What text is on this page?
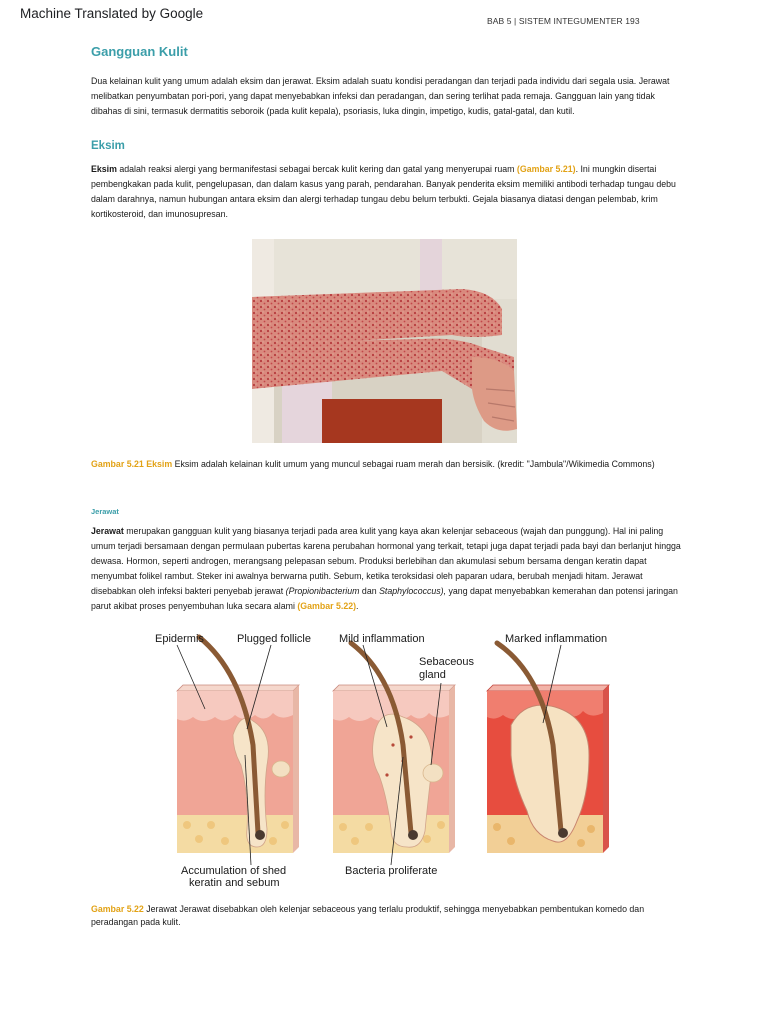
Machine Translated by Google	BAB 5 | SISTEM INTEGUMENTER 193
Gangguan Kulit

Dua kelainan kulit yang umum adalah eksim dan jerawat. Eksim adalah suatu kondisi peradangan dan terjadi pada individu dari segala usia. Jerawat melibatkan penyumbatan pori-pori, yang dapat menyebabkan infeksi dan peradangan, dan sering terlihat pada remaja. Gangguan lain yang tidak dibahas di sini, termasuk dermatitis seboroik (pada kulit kepala), psoriasis, luka dingin, impetigo, kudis, gatal-gatal, dan kutil.

Eksim

Eksim adalah reaksi alergi yang bermanifestasi sebagai bercak kulit kering dan gatal yang menyerupai ruam (Gambar 5.21). Ini mungkin disertai pembengkakan pada kulit, pengelupasan, dan dalam kasus yang parah, pendarahan. Banyak penderita eksim memiliki antibodi terhadap tungau debu dalam darahnya, namun hubungan antara eksim dan alergi terhadap tungau debu belum terbukti. Gejala biasanya diatasi dengan pelembab, krim kortikosteroid, dan imunosupresan.

Gambar 5.21 Eksim Eksim adalah kelainan kulit umum yang muncul sebagai ruam merah dan bersisik. (kredit: "Jambula"/Wikimedia Commons)

Jerawat

Jerawat merupakan gangguan kulit yang biasanya terjadi pada area kulit yang kaya akan kelenjar sebaceous (wajah dan punggung). Hal ini paling umum terjadi bersamaan dengan permulaan pubertas karena perubahan hormonal yang terkait, tetapi juga dapat terjadi pada bayi dan berlanjut hingga dewasa. Hormon, seperti androgen, merangsang pelepasan sebum. Produksi berlebihan dan akumulasi sebum bersama dengan keratin dapat menyumbat folikel rambut. Steker ini awalnya berwarna putih. Sebum, ketika teroksidasi oleh paparan udara, berubah menjadi hitam. Jerawat disebabkan oleh infeksi bakteri penyebab jerawat (Propionibacterium dan Staphylococcus), yang dapat menyebabkan kemerahan dan potensi jaringan parut akibat proses penyembuhan luka secara alami (Gambar 5.22).

Epidermis	Plugged follicle	Mild inflammation
Sebaceous
gland
Marked inflammation
Accumulation of shed
keratin and sebum
Bacteria proliferate

Gambar 5.22 Jerawat Jerawat disebabkan oleh kelenjar sebaceous yang terlalu produktif, sehingga menyebabkan pembentukan komedo dan peradangan pada kulit.
